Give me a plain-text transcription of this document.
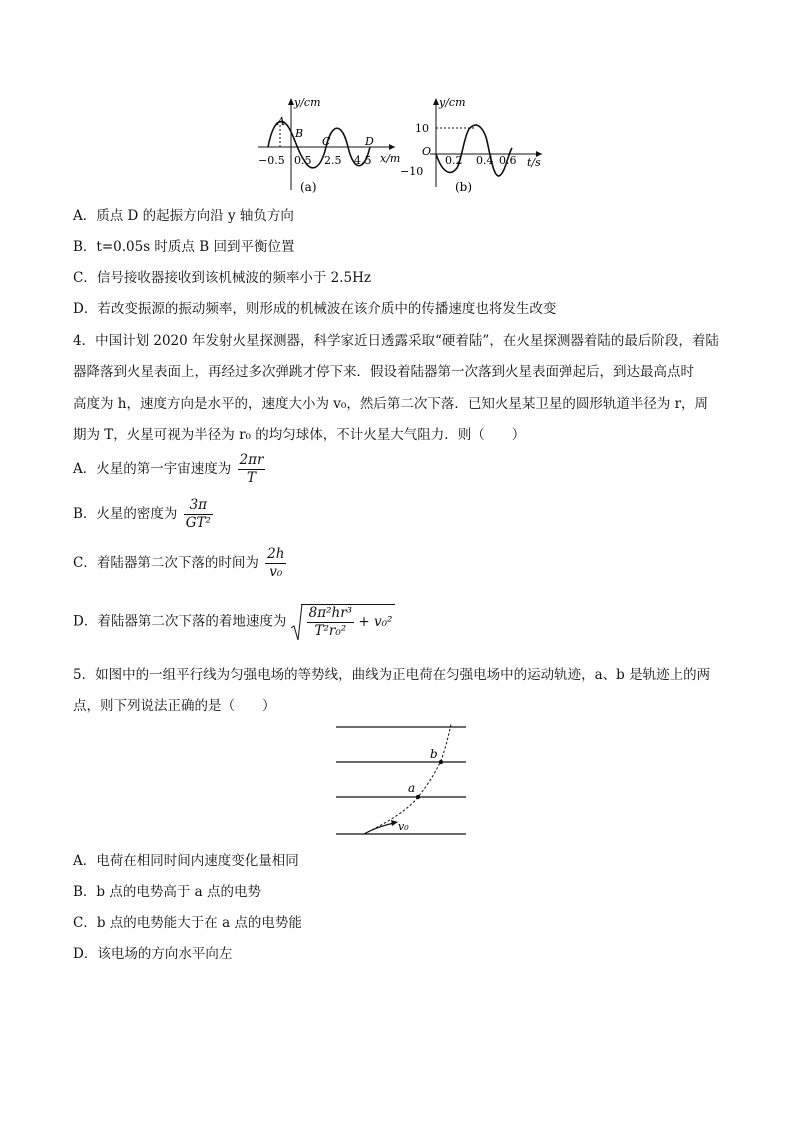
y/cm
x/m
−0.5 0.5 2.5 4.5
A
B
C	D
(a)
y/cm
t/s
10
−10
O
0.2 0.4 0.6
(b)
A．质点 D 的起振方向沿 y 轴负方向
B．t=0.05s 时质点 B 回到平衡位置
C．信号接收器接收到该机械波的频率小于 2.5Hz
D．若改变振源的振动频率，则形成的机械波在该介质中的传播速度也将发生改变
4．中国计划 2020 年发射火星探测器，科学家近日透露采取“硬着陆”，在火星探测器着陆的最后阶段，着陆
器降落到火星表面上，再经过多次弹跳才停下来．假设着陆器第一次落到火星表面弹起后，到达最高点时
高度为 h，速度方向是水平的，速度大小为 v₀，然后第二次下落．已知火星某卫星的圆形轨道半径为 r，周
期为 T，火星可视为半径为 r₀ 的均匀球体，不计火星大气阻力．则（　　）
A．火星的第一宇宙速度为 $\frac{2\pi r}{T}$
B．火星的密度为 $\frac{3\pi}{\text{GT²}}$
C．着陆器第二次下落的时间为 $\frac{2h}{\text{v₀}}$
D．着陆器第二次下落的着地速度为 $\frac{\text{8π²hr³}}{\text{T²r₀²}} + v_0^2$
5．如图中的一组平行线为匀强电场的等势线，曲线为正电荷在匀强电场中的运动轨迹，a、b 是轨迹上的两
点，则下列说法正确的是（　　）
b
a
v₀
A．电荷在相同时间内速度变化量相同
B．b 点的电势高于 a 点的电势
C．b 点的电势能大于在 a 点的电势能
D．该电场的方向水平向左
